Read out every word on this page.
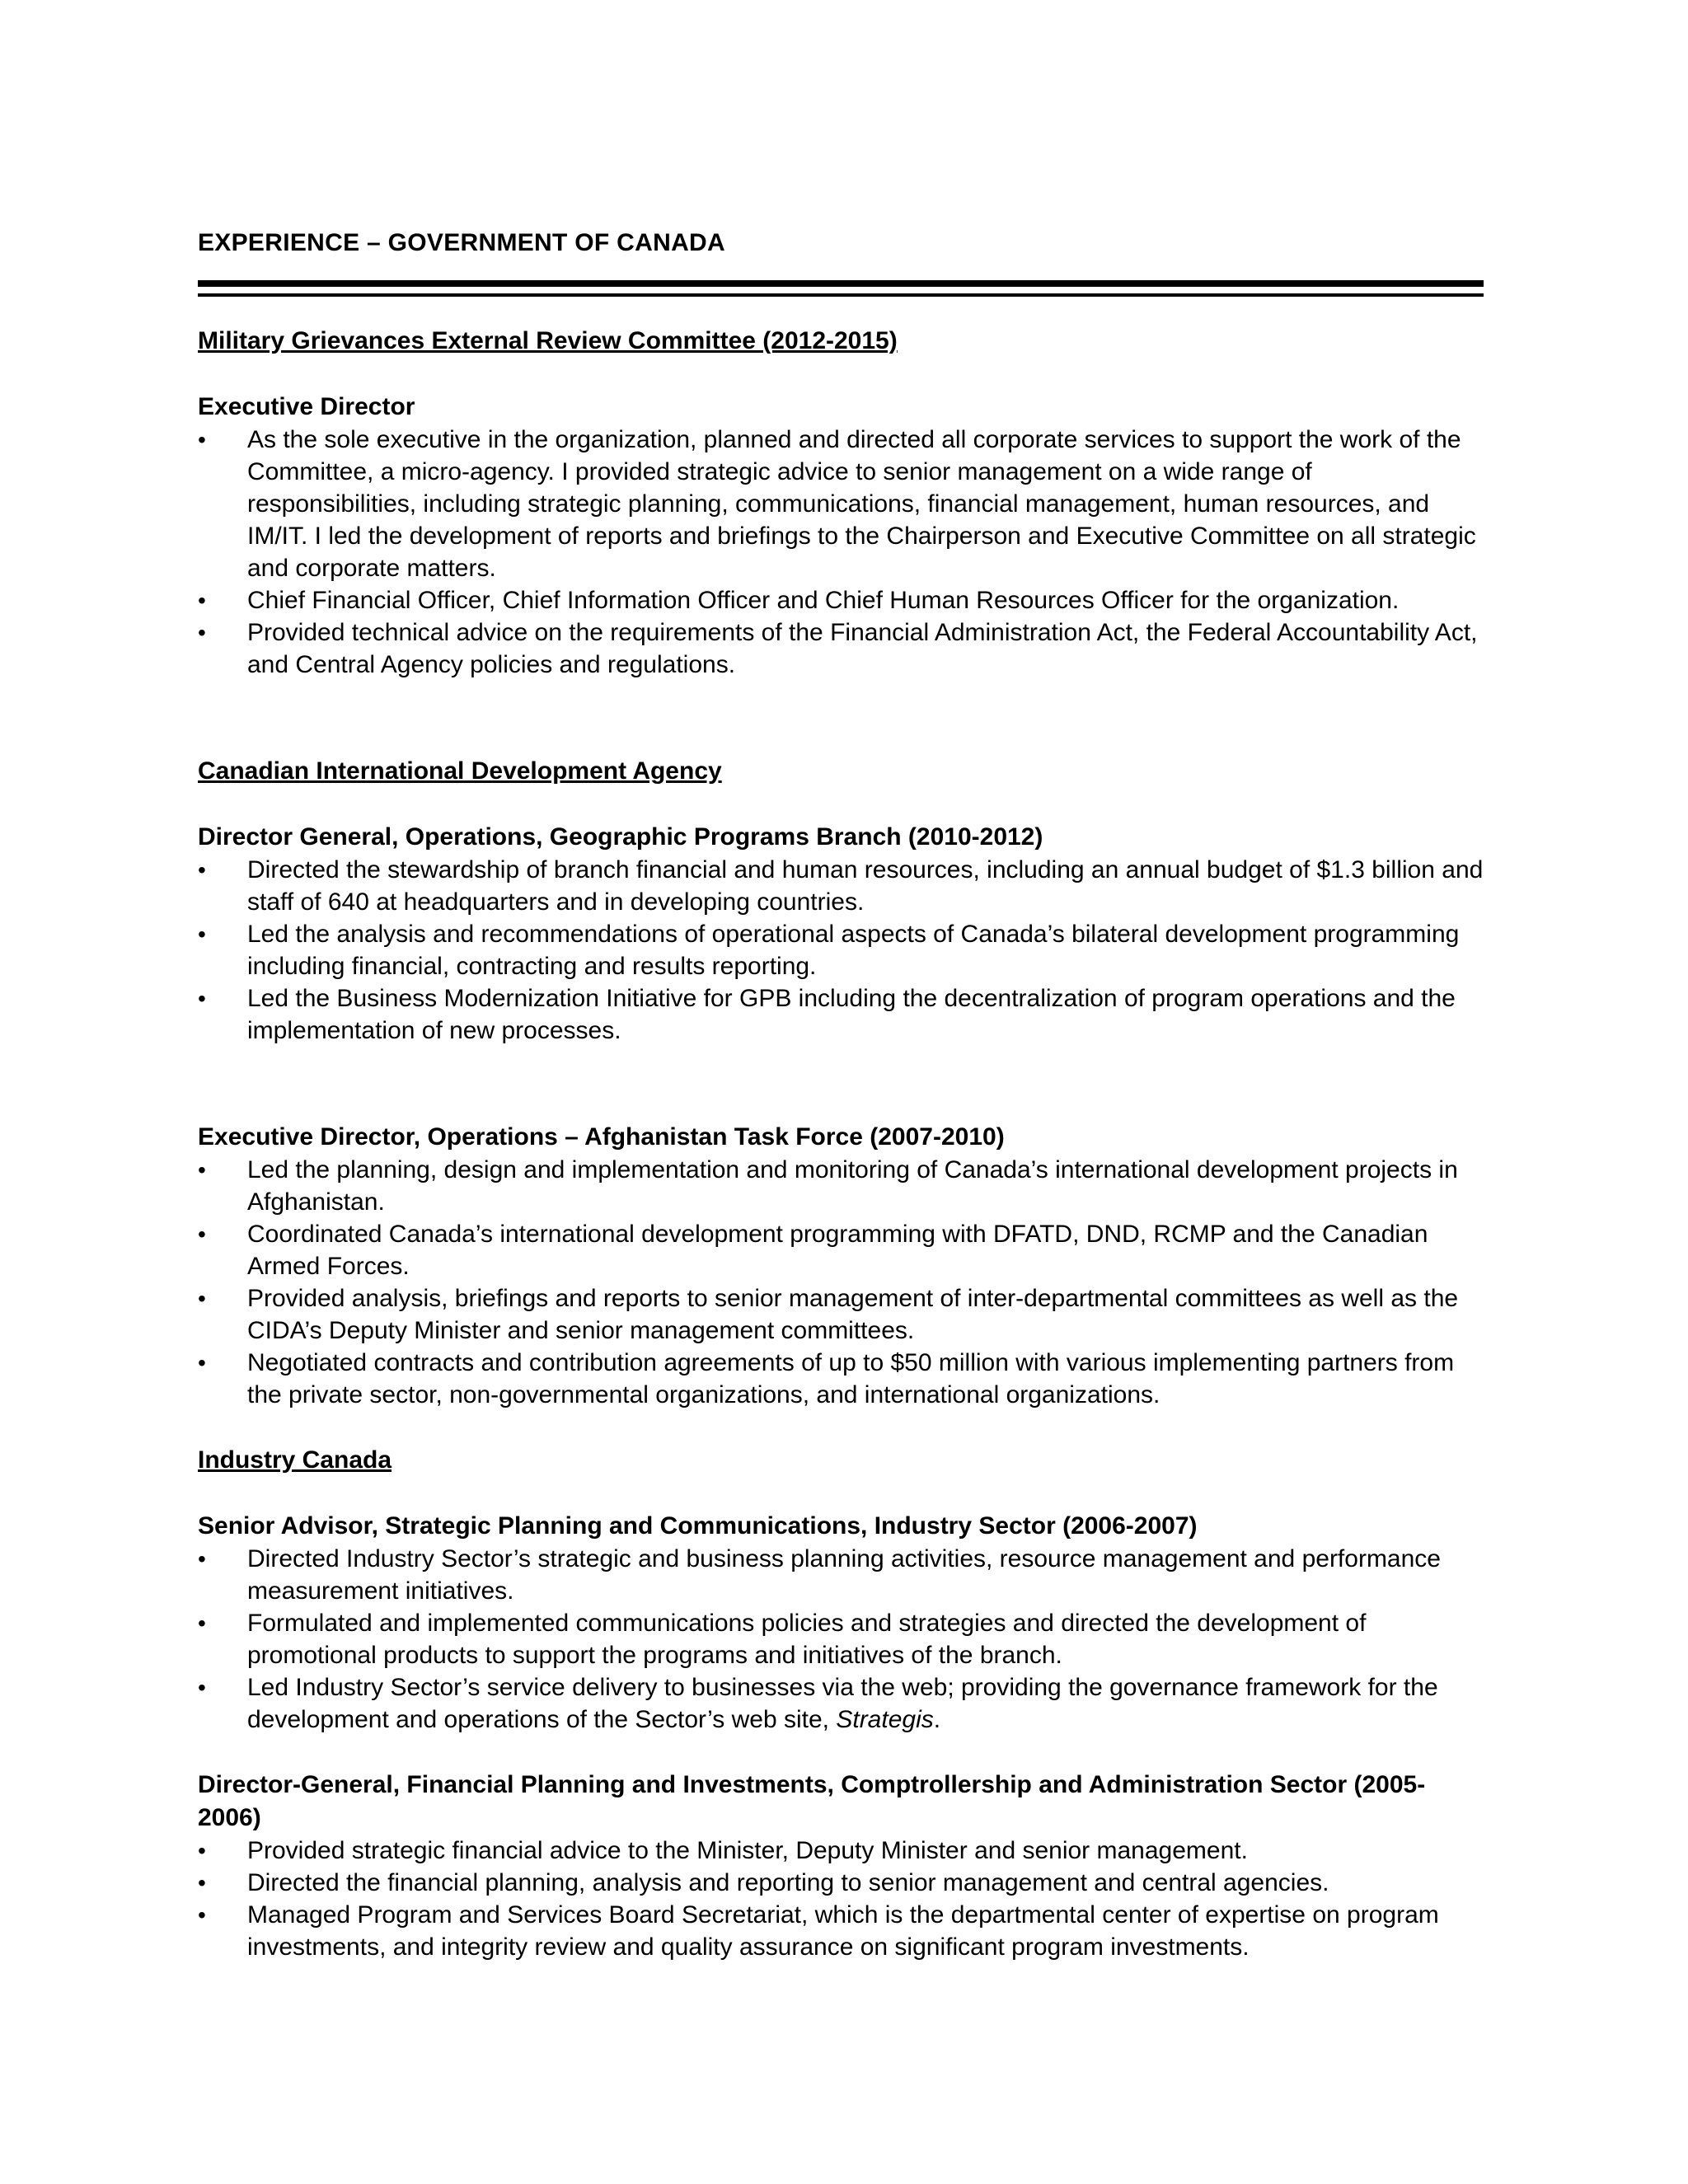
EXPERIENCE – GOVERNMENT OF CANADA

Military Grievances External Review Committee (2012-2015)

Executive Director

•	As the sole executive in the organization, planned and directed all corporate services to support the work of the Committee, a micro-agency. I provided strategic advice to senior management on a wide range of responsibilities, including strategic planning, communications, financial management, human resources, and IM/IT. I led the development of reports and briefings to the Chairperson and Executive Committee on all strategic and corporate matters.
•	Chief Financial Officer, Chief Information Officer and Chief Human Resources Officer for the organization.
•	Provided technical advice on the requirements of the Financial Administration Act, the Federal Accountability Act, and Central Agency policies and regulations.

Canadian International Development Agency

Director General, Operations, Geographic Programs Branch (2010-2012)

•	Directed the stewardship of branch financial and human resources, including an annual budget of $1.3 billion and staff of 640 at headquarters and in developing countries.
•	Led the analysis and recommendations of operational aspects of Canada’s bilateral development programming including financial, contracting and results reporting.
•	Led the Business Modernization Initiative for GPB including the decentralization of program operations and the implementation of new processes.

Executive Director, Operations – Afghanistan Task Force (2007-2010)

•	Led the planning, design and implementation and monitoring of Canada’s international development projects in Afghanistan.
•	Coordinated Canada’s international development programming with DFATD, DND, RCMP and the Canadian Armed Forces.
•	Provided analysis, briefings and reports to senior management of inter-departmental committees as well as the CIDA’s Deputy Minister and senior management committees.
•	Negotiated contracts and contribution agreements of up to $50 million with various implementing partners from the private sector, non-governmental organizations, and international organizations.

Industry Canada

Senior Advisor, Strategic Planning and Communications, Industry Sector (2006-2007)

•	Directed Industry Sector’s strategic and business planning activities, resource management and performance measurement initiatives.
•	Formulated and implemented communications policies and strategies and directed the development of promotional products to support the programs and initiatives of the branch.
•	Led Industry Sector’s service delivery to businesses via the web; providing the governance framework for the development and operations of the Sector’s web site, Strategis.

Director-General, Financial Planning and Investments, Comptrollership and Administration Sector (2005-2006)

•	Provided strategic financial advice to the Minister, Deputy Minister and senior management.
•	Directed the financial planning, analysis and reporting to senior management and central agencies.
•	Managed Program and Services Board Secretariat, which is the departmental center of expertise on program investments, and integrity review and quality assurance on significant program investments.
